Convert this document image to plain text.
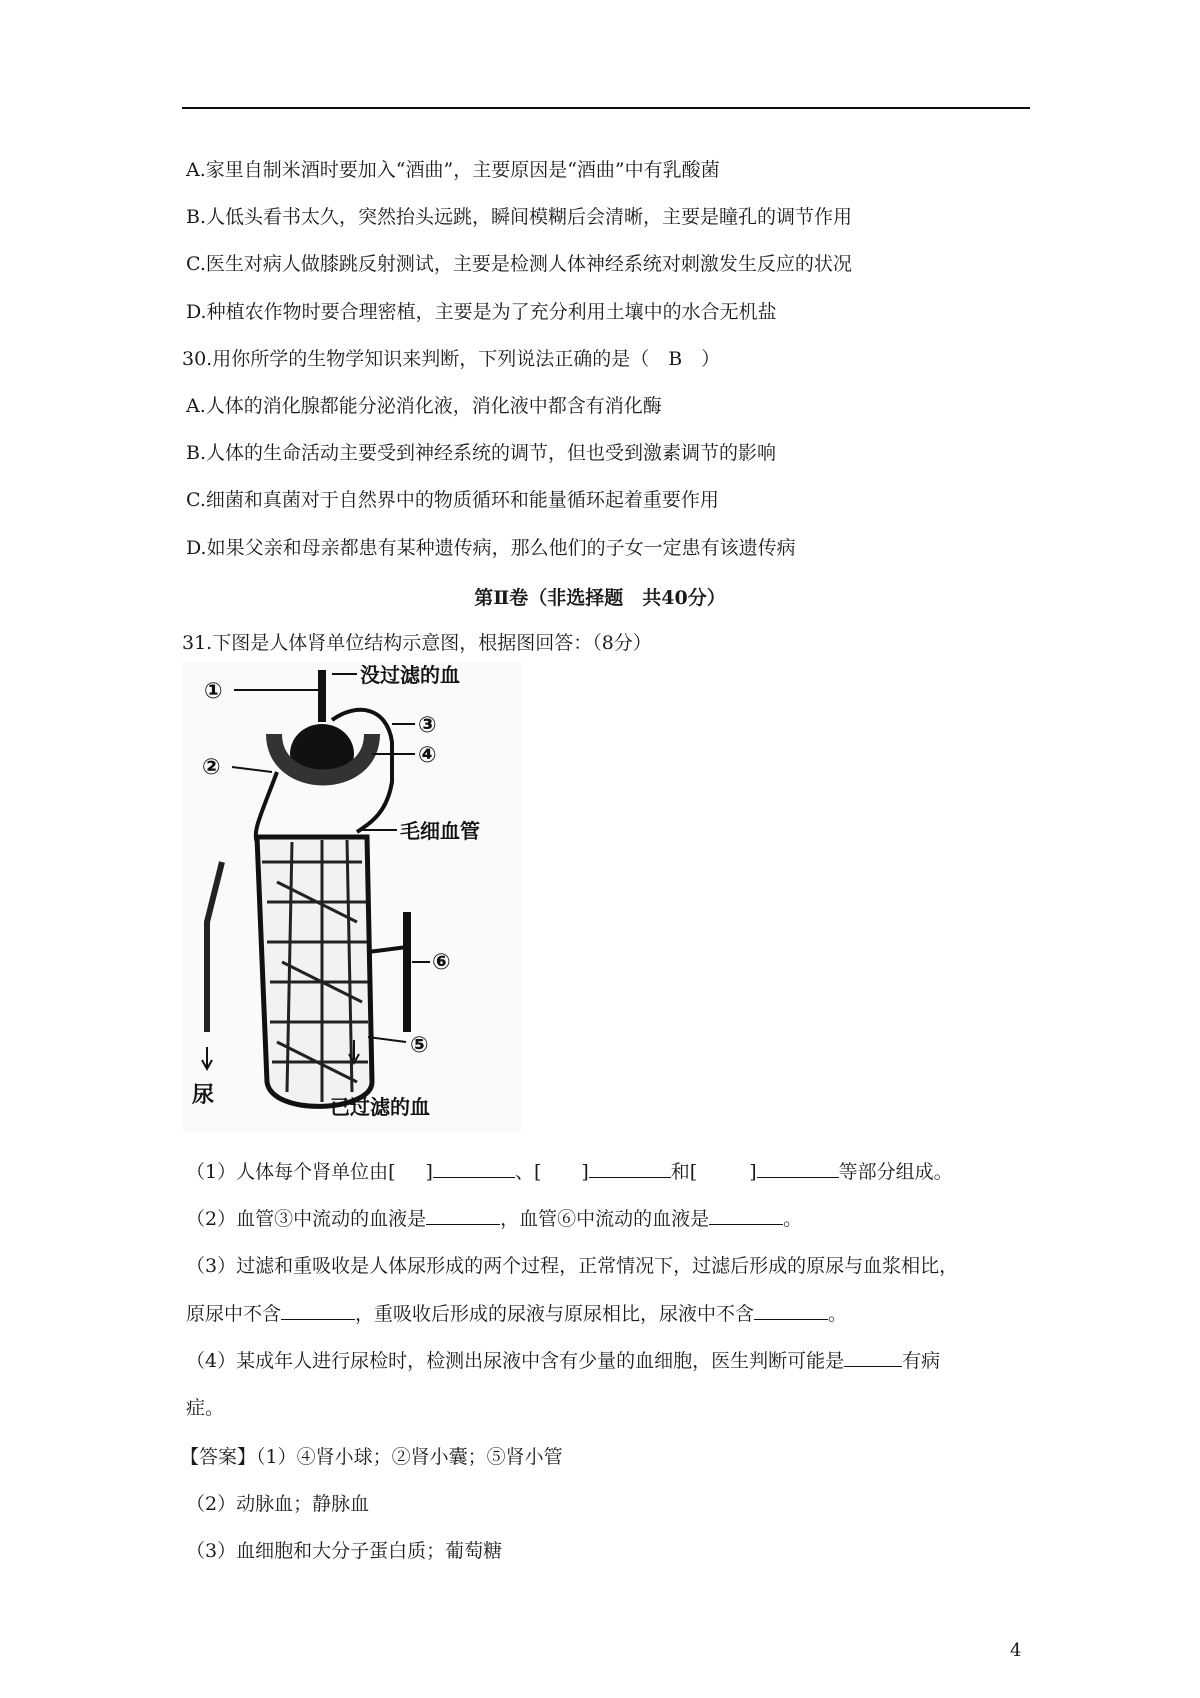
A.家里自制米酒时要加入“酒曲”，主要原因是“酒曲”中有乳酸菌
B.人低头看书太久，突然抬头远跳，瞬间模糊后会清晰，主要是瞳孔的调节作用
C.医生对病人做膝跳反射测试，主要是检测人体神经系统对刺激发生反应的状况
D.种植农作物时要合理密植，主要是为了充分利用土壤中的水合无机盐
30.用你所学的生物学知识来判断，下列说法正确的是（　B　）
A.人体的消化腺都能分泌消化液，消化液中都含有消化酶
B.人体的生命活动主要受到神经系统的调节，但也受到激素调节的影响
C.细菌和真菌对于自然界中的物质循环和能量循环起着重要作用
D.如果父亲和母亲都患有某种遗传病，那么他们的子女一定患有该遗传病
第Ⅱ卷（非选择题　共40分）
31.下图是人体肾单位结构示意图，根据图回答：（8分）
没过滤的血
①
③
④
②
毛细血管
⑥
⑤
尿	已过滤的血
（1）人体每个肾单位由[ ]	、[ ]	和[	]	等部分组成。
（2）血管③中流动的血液是	，血管⑥中流动的血液是	。
（3）过滤和重吸收是人体尿形成的两个过程，正常情况下，过滤后形成的原尿与血浆相比，
原尿中不含	，重吸收后形成的尿液与原尿相比，尿液中不含	。
（4）某成年人进行尿检时，检测出尿液中含有少量的血细胞，医生判断可能是	有病
症。
【答案】（1）④肾小球；②肾小囊；⑤肾小管
（2）动脉血；静脉血
（3）血细胞和大分子蛋白质；葡萄糖
4
